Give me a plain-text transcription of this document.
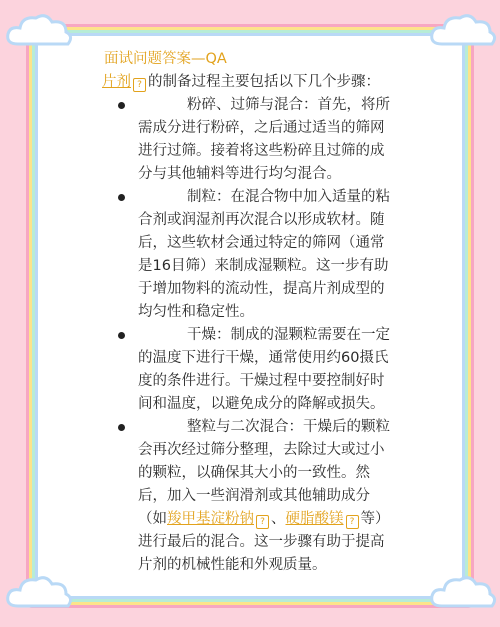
面试问题答案—QA

片剂 ? 的制备过程主要包括以下几个步骤：

粉碎、过筛与混合：首先，将所需成分进行粉碎，之后通过适当的筛网进行过筛。接着将这些粉碎且过筛的成分与其他辅料等进行均匀混合。
制粒：在混合物中加入适量的粘合剂或润湿剂再次混合以形成软材。随后，这些软材会通过特定的筛网（通常是16目筛）来制成湿颗粒。这一步有助于增加物料的流动性，提高片剂成型的均匀性和稳定性。
干燥：制成的湿颗粒需要在一定的温度下进行干燥，通常使用约60摄氏度的条件进行。干燥过程中要控制好时间和温度，以避免成分的降解或损失。
整粒与二次混合：干燥后的颗粒会再次经过筛分整理，去除过大或过小的颗粒，以确保其大小的一致性。然后，加入一些润滑剂或其他辅助成分（如羧甲基淀粉钠 ? 、硬脂酸镁 ? 等）进行最后的混合。这一步骤有助于提高片剂的机械性能和外观质量。
